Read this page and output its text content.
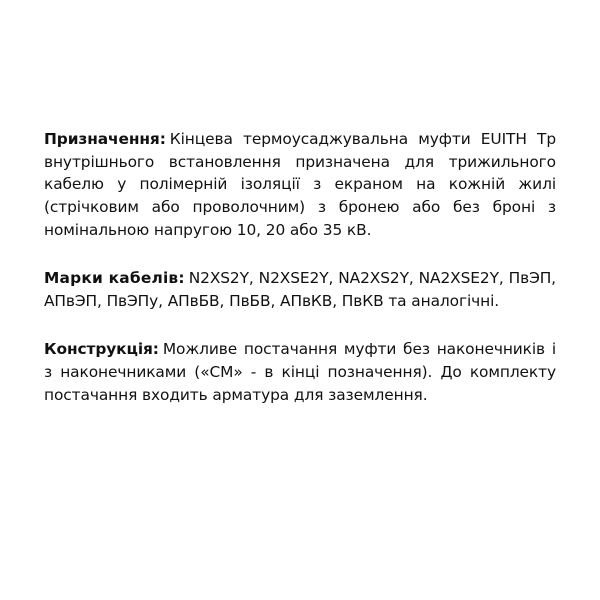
Призначення: Кінцева термоусаджувальна муфти EUITH Тр внутрішнього встановлення призначена для трижильного кабелю у полімерній ізоляції з екраном на кожній жилі (стрічковим або проволочним) з бронею або без броні з номінальною напругою 10, 20 або 35 кВ.

Марки кабелів: N2XS2Y, N2XSE2Y, NA2XS2Y, NA2XSE2Y, ПвЭП, АПвЭП, ПвЭПу, АПвБВ, ПвБВ, АПвКВ, ПвКВ та аналогічні.

Конструкція: Можливе постачання муфти без наконечників і з наконечниками («СМ» - в кінці позначення). До комплекту постачання входить арматура для заземлення.
